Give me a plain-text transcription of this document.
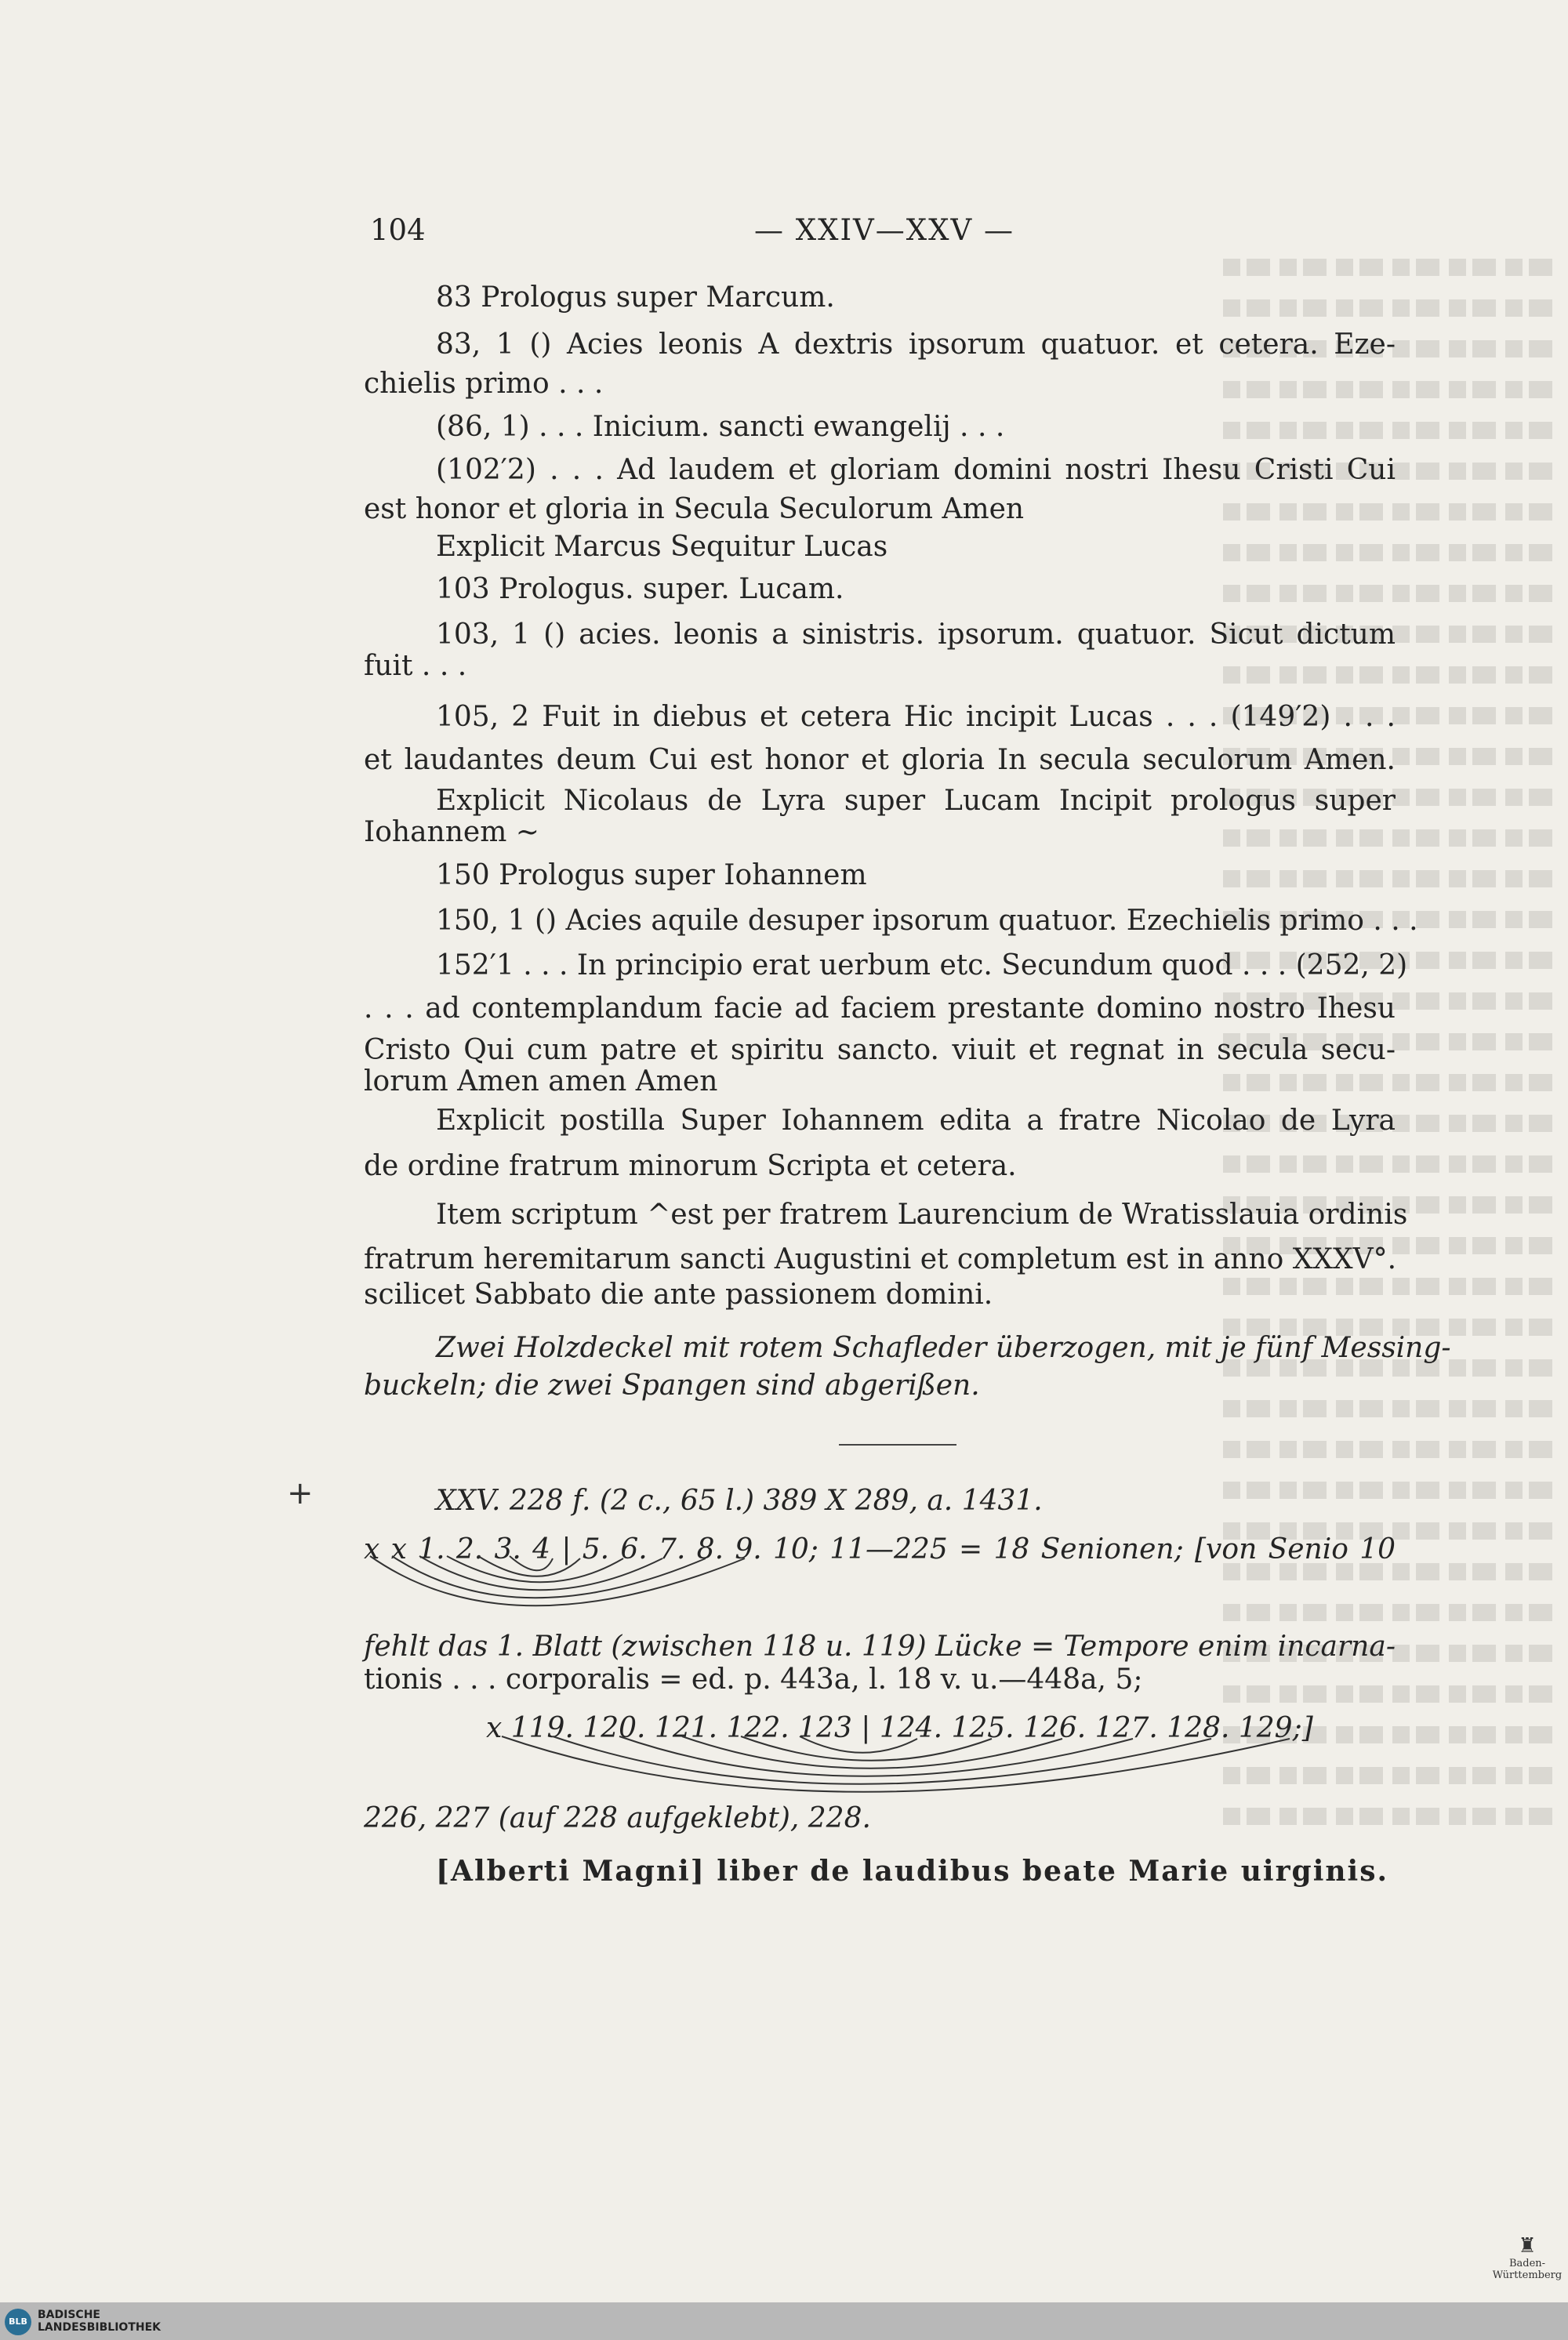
104	— XXIV—XXV —
83 Prologus super Marcum.
83, 1 () Acies leonis A dextris ipsorum quatuor. et cetera. Eze-
chielis primo . . .
(86, 1) . . . Inicium. sancti ewangelij . . .
(102′2) . . . Ad laudem et gloriam domini nostri Ihesu Cristi Cui
est honor et gloria in Secula Seculorum Amen
Explicit Marcus Sequitur Lucas
103 Prologus. super. Lucam.
103, 1 () acies. leonis a sinistris. ipsorum. quatuor. Sicut dictum
fuit . . .
105, 2 Fuit in diebus et cetera Hic incipit Lucas . . . (149′2) . . .
et laudantes deum Cui est honor et gloria In secula seculorum Amen.
Explicit Nicolaus de Lyra super Lucam Incipit prologus super
Iohannem ~
150 Prologus super Iohannem
150, 1 () Acies aquile desuper ipsorum quatuor. Ezechielis primo . . .
152′1 . . . In principio erat uerbum etc. Secundum quod . . . (252, 2)
. . . ad contemplandum facie ad faciem prestante domino nostro Ihesu
Cristo Qui cum patre et spiritu sancto. viuit et regnat in secula secu-
lorum Amen amen Amen
Explicit postilla Super Iohannem edita a fratre Nicolao de Lyra
de ordine fratrum minorum Scripta et cetera.
Item scriptum ^est per fratrem Laurencium de Wratisslauia ordinis
fratrum heremitarum sancti Augustini et completum est in anno XXXV°.
scilicet Sabbato die ante passionem domini.
Zwei Holzdeckel mit rotem Schafleder überzogen, mit je fünf Messing-
buckeln; die zwei Spangen sind abgerißen.
+	XXV. 228 f. (2 c., 65 l.) 389 X 289, a. 1431.
x x 1. 2. 3. 4 | 5. 6. 7. 8. 9. 10; 11—225 = 18 Senionen; [von Senio 10
fehlt das 1. Blatt (zwischen 118 u. 119) Lücke = Tempore enim incarna-
tionis . . . corporalis = ed. p. 443a, l. 18 v. u.—448a, 5;
x 119. 120. 121. 122. 123 | 124. 125. 126. 127. 128. 129;]
226, 227 (auf 228 aufgeklebt), 228.
[Alberti Magni] liber de laudibus beate Marie uirginis.
♜
Baden-Württemberg
BLB
BADISCHE
LANDESBIBLIOTHEK
